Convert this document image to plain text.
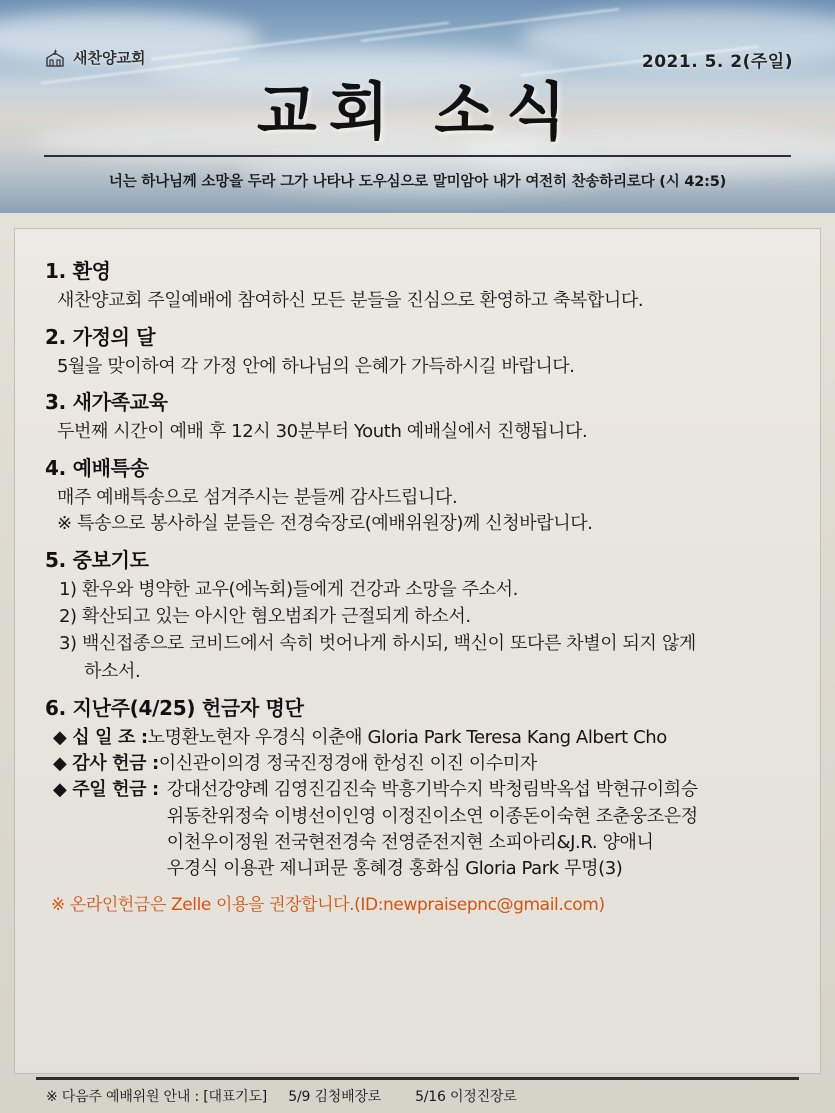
새찬양교회	2021. 5. 2(주일)
교회 소식
너는 하나님께 소망을 두라 그가 나타나 도우심으로 말미암아 내가 여전히 찬송하리로다 (시 42:5)
1. 환영
새찬양교회 주일예배에 참여하신 모든 분들을 진심으로 환영하고 축복합니다.
2. 가정의 달
5월을 맞이하여 각 가정 안에 하나님의 은혜가 가득하시길 바랍니다.
3. 새가족교육
두번째 시간이 예배 후 12시 30분부터 Youth 예배실에서 진행됩니다.
4. 예배특송
매주 예배특송으로 섬겨주시는 분들께 감사드립니다.
※ 특송으로 봉사하실 분들은 전경숙장로(예배위원장)께 신청바랍니다.
5. 중보기도
1) 환우와 병약한 교우(에녹회)들에게 건강과 소망을 주소서.
2) 확산되고 있는 아시안 혐오범죄가 근절되게 하소서.
3) 백신접종으로 코비드에서 속히 벗어나게 하시되, 백신이 또다른 차별이 되지 않게
하소서.
6. 지난주(4/25) 헌금자 명단
◆ 십 일 조 : 노명환노현자 우경식 이춘애 Gloria Park Teresa Kang Albert Cho
◆ 감사 헌금 : 이신관이의경 정국진정경애 한성진 이진 이수미자
◆ 주일 헌금 : 강대선강양례 김영진김진숙 박흥기박수지 박청림박옥섭 박현규이희승
위동찬위정숙 이병선이인영 이정진이소연 이종돈이숙현 조춘웅조은정
이천우이정원 전국현전경숙 전영준전지현 소피아리&J.R. 양애니
우경식 이용관 제니퍼문 홍혜경 홍화심 Gloria Park 무명(3)
※ 온라인헌금은 Zelle 이용을 권장합니다.(ID:newpraisepnc@gmail.com)
※ 다음주 예배위원 안내 : [대표기도]     5/9 김청배장로        5/16 이정진장로
